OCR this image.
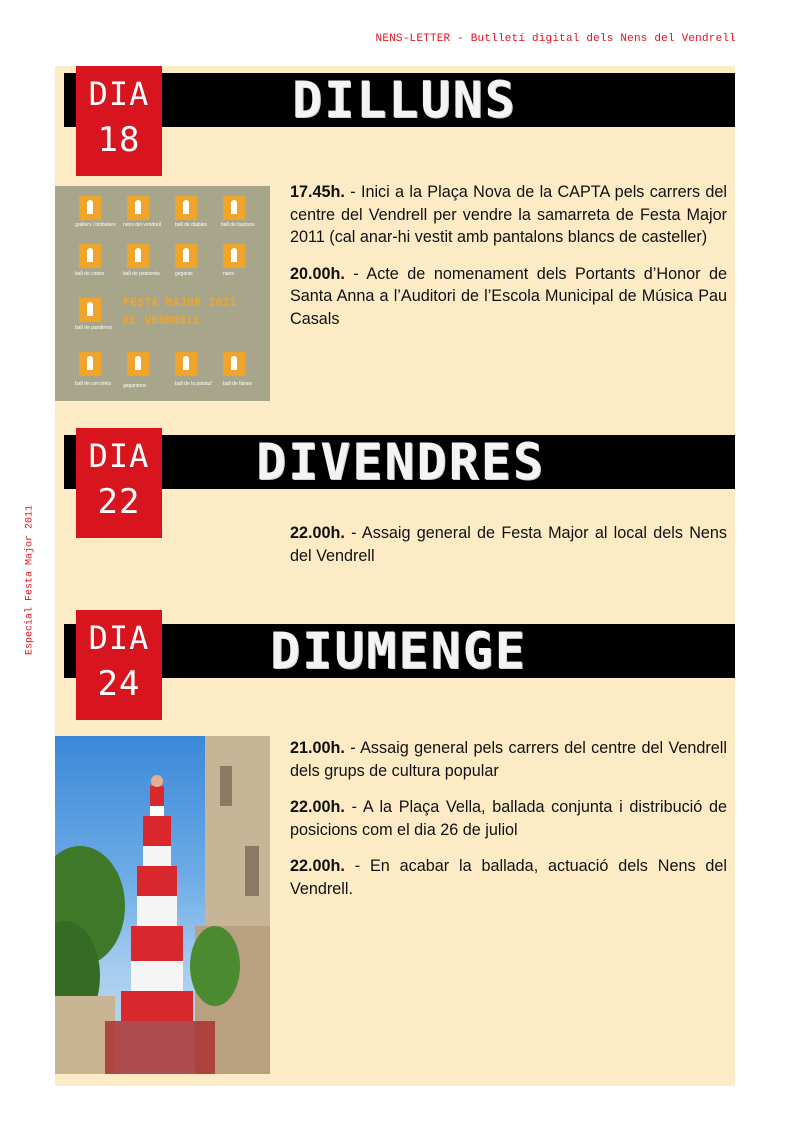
NENS-LETTER - Butlletí digital dels Nens del Vendrell
Especial Festa Major 2011
DILLUNS
DIA
18
grallers i timbalers nens del vendrell	ball de diables	ball de bastons
ball de cintes	ball de pastorets	gegants	nans
ball de panderos
FESTA MAJOR 2011
EL VENDRELL
ball de cercolets gegantons	ball de la patatuf ball de faixes

17.45h. - Inici a la Plaça Nova de la CAPTA pels carrers del centre del Vendrell per vendre la samarreta de Festa Major 2011 (cal anar-hi vestit amb pantalons blancs de casteller)

20.00h. - Acte de nomenament dels Portants d’Honor de Santa Anna a l’Auditori de l’Escola Municipal de Música Pau Casals

DIVENDRES
DIA
22

22.00h. - Assaig general de Festa Major al local dels Nens del Vendrell

DIUMENGE
DIA
24

21.00h. - Assaig general pels carrers del centre del Vendrell dels grups de cultura popular

22.00h. - A la Plaça Vella, ballada conjunta i distribució de posicions com el dia 26 de juliol

22.00h. - En acabar la ballada, actuació dels Nens del Vendrell.
